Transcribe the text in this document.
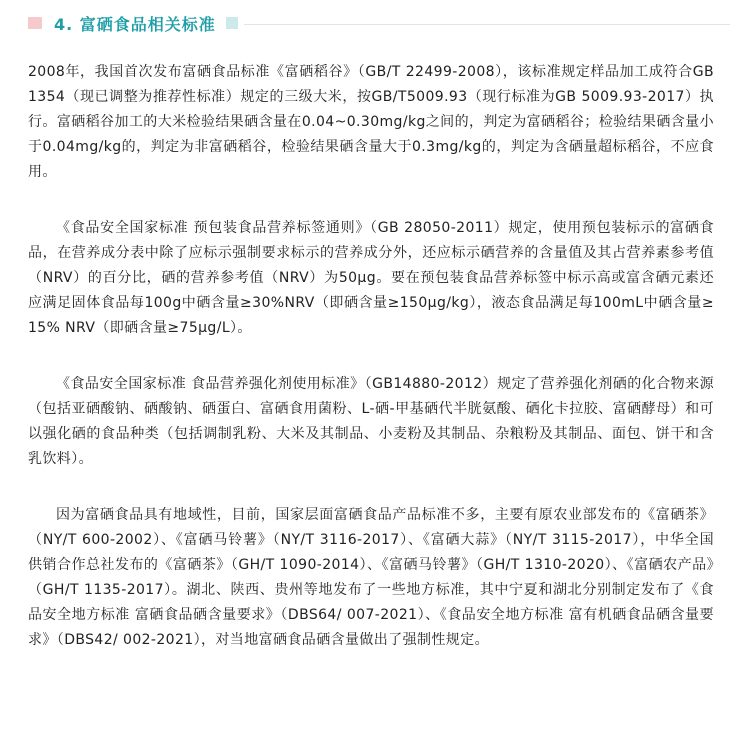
4. 富硒食品相关标准

2008年，我国首次发布富硒食品标准《富硒稻谷》（GB/T 22499-2008），该标准规定样品加工成符合GB1354（现已调整为推荐性标准）规定的三级大米，按GB/T5009.93（现行标准为GB 5009.93-2017）执行。富硒稻谷加工的大米检验结果硒含量在0.04~0.30mg/kg之间的，判定为富硒稻谷；检验结果硒含量小于0.04mg/kg的，判定为非富硒稻谷，检验结果硒含量大于0.3mg/kg的，判定为含硒量超标稻谷，不应食用。

《食品安全国家标准 预包装食品营养标签通则》（GB 28050-2011）规定，使用预包装标示的富硒食品，在营养成分表中除了应标示强制要求标示的营养成分外，还应标示硒营养的含量值及其占营养素参考值（NRV）的百分比，硒的营养参考值（NRV）为50μg。要在预包装食品营养标签中标示高或富含硒元素还应满足固体食品每100g中硒含量≥30%NRV（即硒含量≥150μg/kg），液态食品满足每100mL中硒含量≥15% NRV（即硒含量≥75μg/L）。

《食品安全国家标准 食品营养强化剂使用标准》（GB14880-2012）规定了营养强化剂硒的化合物来源（包括亚硒酸钠、硒酸钠、硒蛋白、富硒食用菌粉、L-硒-甲基硒代半胱氨酸、硒化卡拉胶、富硒酵母）和可以强化硒的食品种类（包括调制乳粉、大米及其制品、小麦粉及其制品、杂粮粉及其制品、面包、饼干和含乳饮料）。

因为富硒食品具有地域性，目前，国家层面富硒食品产品标准不多，主要有原农业部发布的《富硒茶》（NY/T 600-2002）、《富硒马铃薯》（NY/T 3116-2017）、《富硒大蒜》（NY/T 3115-2017），中华全国供销合作总社发布的《富硒茶》（GH/T 1090-2014）、《富硒马铃薯》（GH/T 1310-2020）、《富硒农产品》（GH/T 1135-2017）。湖北、陕西、贵州等地发布了一些地方标准，其中宁夏和湖北分别制定发布了《食品安全地方标准 富硒食品硒含量要求》（DBS64/ 007-2021）、《食品安全地方标准 富有机硒食品硒含量要求》（DBS42/ 002-2021），对当地富硒食品硒含量做出了强制性规定。
